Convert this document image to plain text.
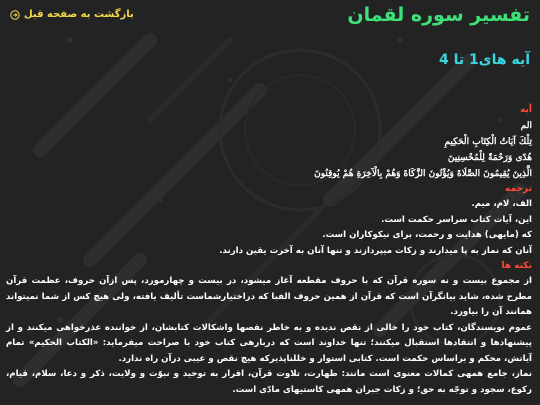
بازگشت به صفحه قبل	تفسیر سوره لقمان
آیه های1 تا 4
آیه
الم
تِلْكَ آيَاتُ الْكِتَابِ الْحَكِيمِ
هُدًى وَرَحْمَةً لِلْمُحْسِنِينَ
الَّذِينَ يُقِيمُونَ الصَّلَاةَ وَيُؤْتُونَ الزَّكَاةَ وَهُمْ بِالْآخِرَةِ هُمْ يُوقِنُونَ
ترجمه
الف، لام، میم.
این، آیات کتاب سراسر حکمت است.
که (مایهی) هدایت و رحمت، برای نیکوکاران است.
آنان که نماز به پا میدارند و زکات میپردازند و تنها آنان به آخرت یقین دارند.
نکته ها

از مجموع بیست و نه سوره قرآن که با حروف مقطعه آغاز میشود، در بیست و چهارمورد، پس ازآن حروف، عظمت قرآن مطرح شده، شاید بیانگرآن است که قرآن از همین حروف الفبا که دراختیارشماست تألیف یافته، ولی هیچ کس از شما نمیتواند همانند آن را بیاورد.

عموم نویسندگان، کتاب خود را خالی از نقص ندیده و به خاطر نقصها واشکالات کتابشان، از خواننده عذرخواهی میکنند و از پیشنهادها و انتقادها استقبال میکنند؛ تنها خداوند است که دربارهی کتاب خود با صراحت میفرماید: «الکتاب الحکیم» تمام آیاتش، محکم و براساس حکمت است. کتابی استوار و خللناپذیرکه هیچ نقص و عیبی درآن راه ندارد.

نماز، جامع همهی کمالات معنوی است مانند: طهارت، تلاوت قرآن، اقرار به توحید و نبوّت و ولایت، ذکر و دعا، سلام، قیام، رکوع، سجود و توجّه به حق؛ و زکات جبران همهی کاستیهای مادّی است.
